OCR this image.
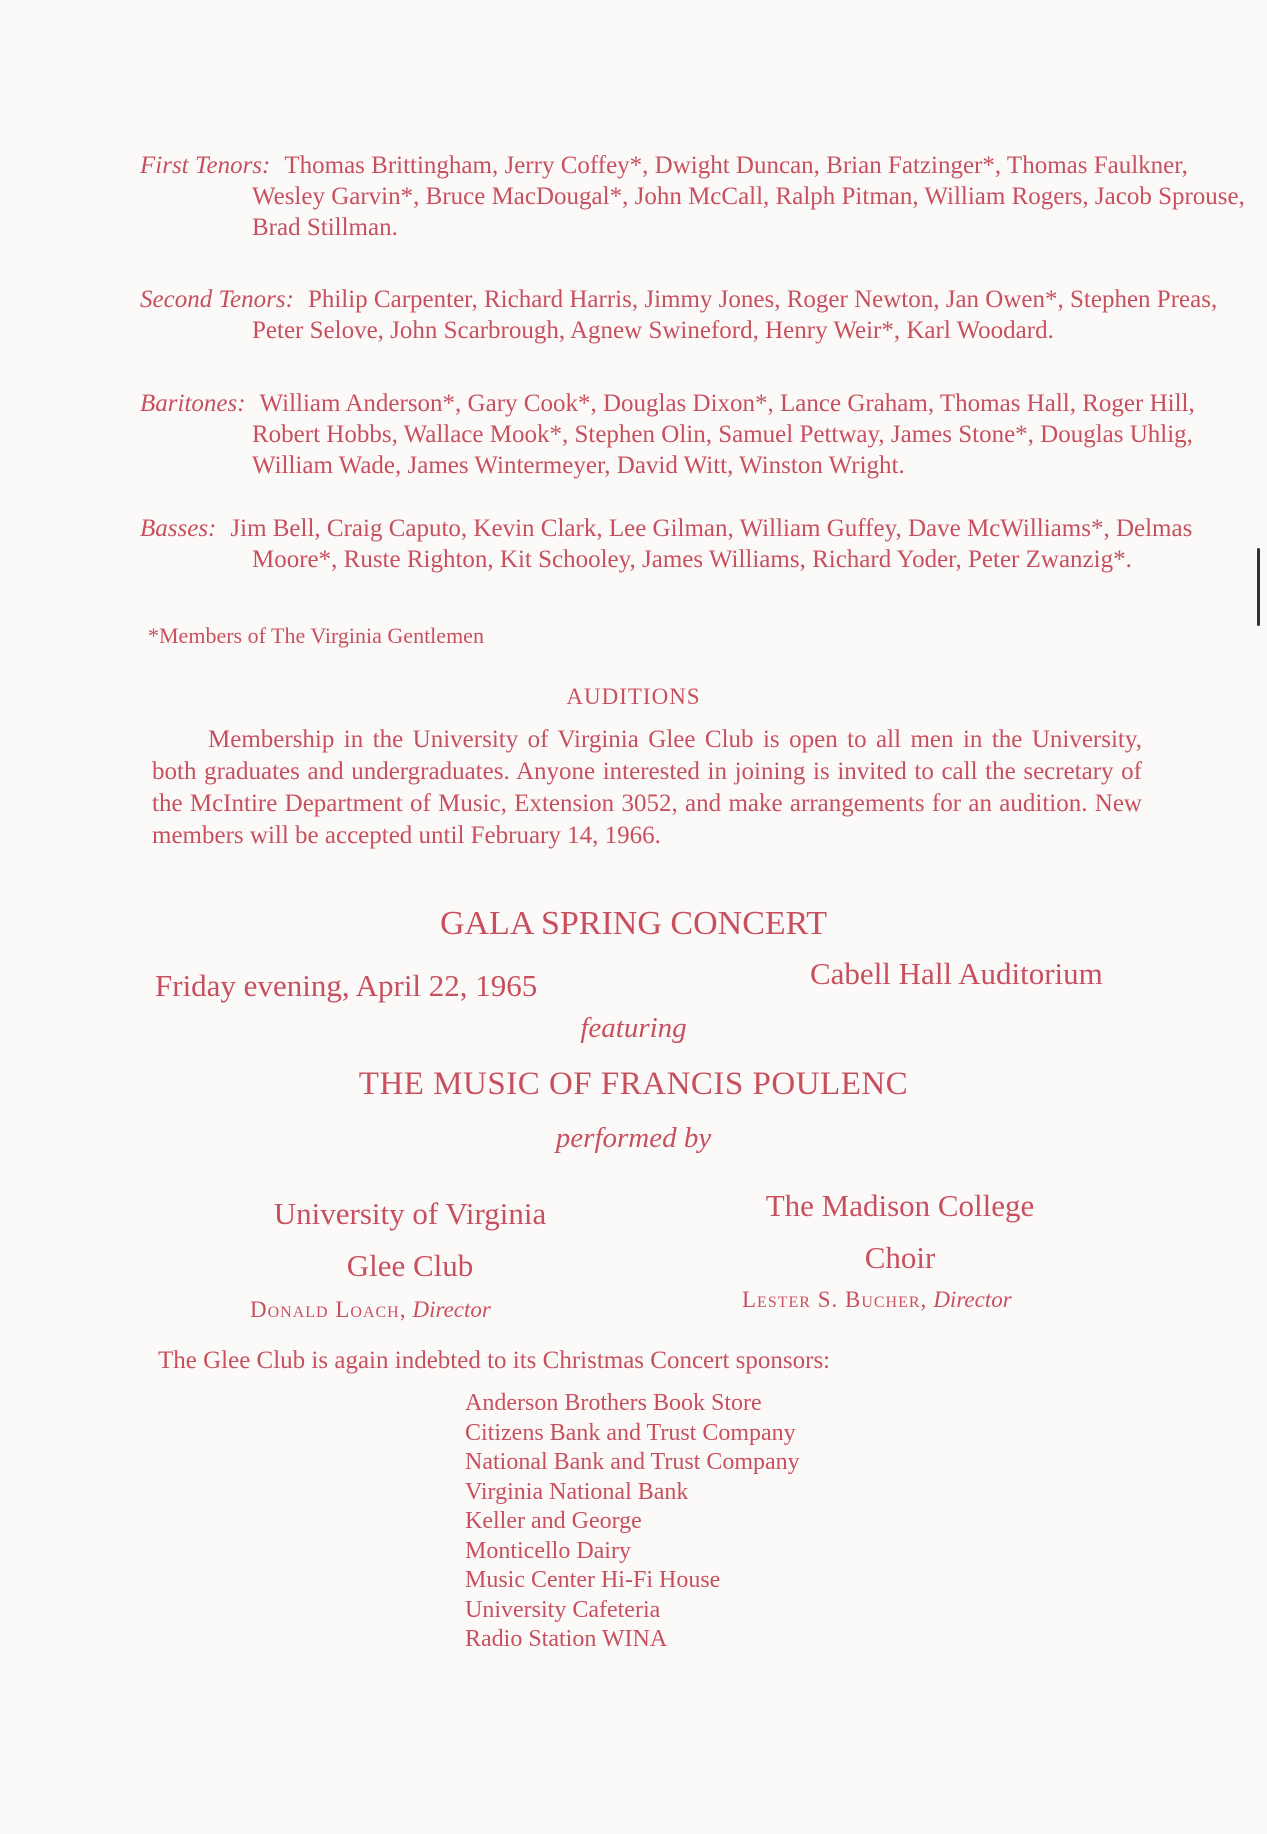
First Tenors: Thomas Brittingham, Jerry Coffey*, Dwight Duncan, Brian Fatzinger*, Thomas Faulkner, Wesley Garvin*, Bruce MacDougal*, John McCall, Ralph Pitman, William Rogers, Jacob Sprouse, Brad Stillman.
Second Tenors: Philip Carpenter, Richard Harris, Jimmy Jones, Roger Newton, Jan Owen*, Stephen Preas, Peter Selove, John Scarbrough, Agnew Swineford, Henry Weir*, Karl Woodard.
Baritones: William Anderson*, Gary Cook*, Douglas Dixon*, Lance Graham, Thomas Hall, Roger Hill, Robert Hobbs, Wallace Mook*, Stephen Olin, Samuel Pettway, James Stone*, Douglas Uhlig, William Wade, James Wintermeyer, David Witt, Winston Wright.
Basses: Jim Bell, Craig Caputo, Kevin Clark, Lee Gilman, William Guffey, Dave McWilliams*, Delmas Moore*, Ruste Righton, Kit Schooley, James Williams, Richard Yoder, Peter Zwanzig*.
*Members of The Virginia Gentlemen
AUDITIONS
Membership in the University of Virginia Glee Club is open to all men in the University, both graduates and undergraduates. Anyone interested in joining is invited to call the secretary of the McIntire Department of Music, Extension 3052, and make arrangements for an audition. New members will be accepted until February 14, 1966.
GALA SPRING CONCERT
Friday evening, April 22, 1965	Cabell Hall Auditorium
featuring
THE MUSIC OF FRANCIS POULENC
performed by
University of Virginia
Glee Club
The Madison College
Choir
Donald Loach, Director	Lester S. Bucher, Director
The Glee Club is again indebted to its Christmas Concert sponsors:
Anderson Brothers Book Store
Citizens Bank and Trust Company
National Bank and Trust Company
Virginia National Bank
Keller and George
Monticello Dairy
Music Center Hi-Fi House
University Cafeteria
Radio Station WINA
